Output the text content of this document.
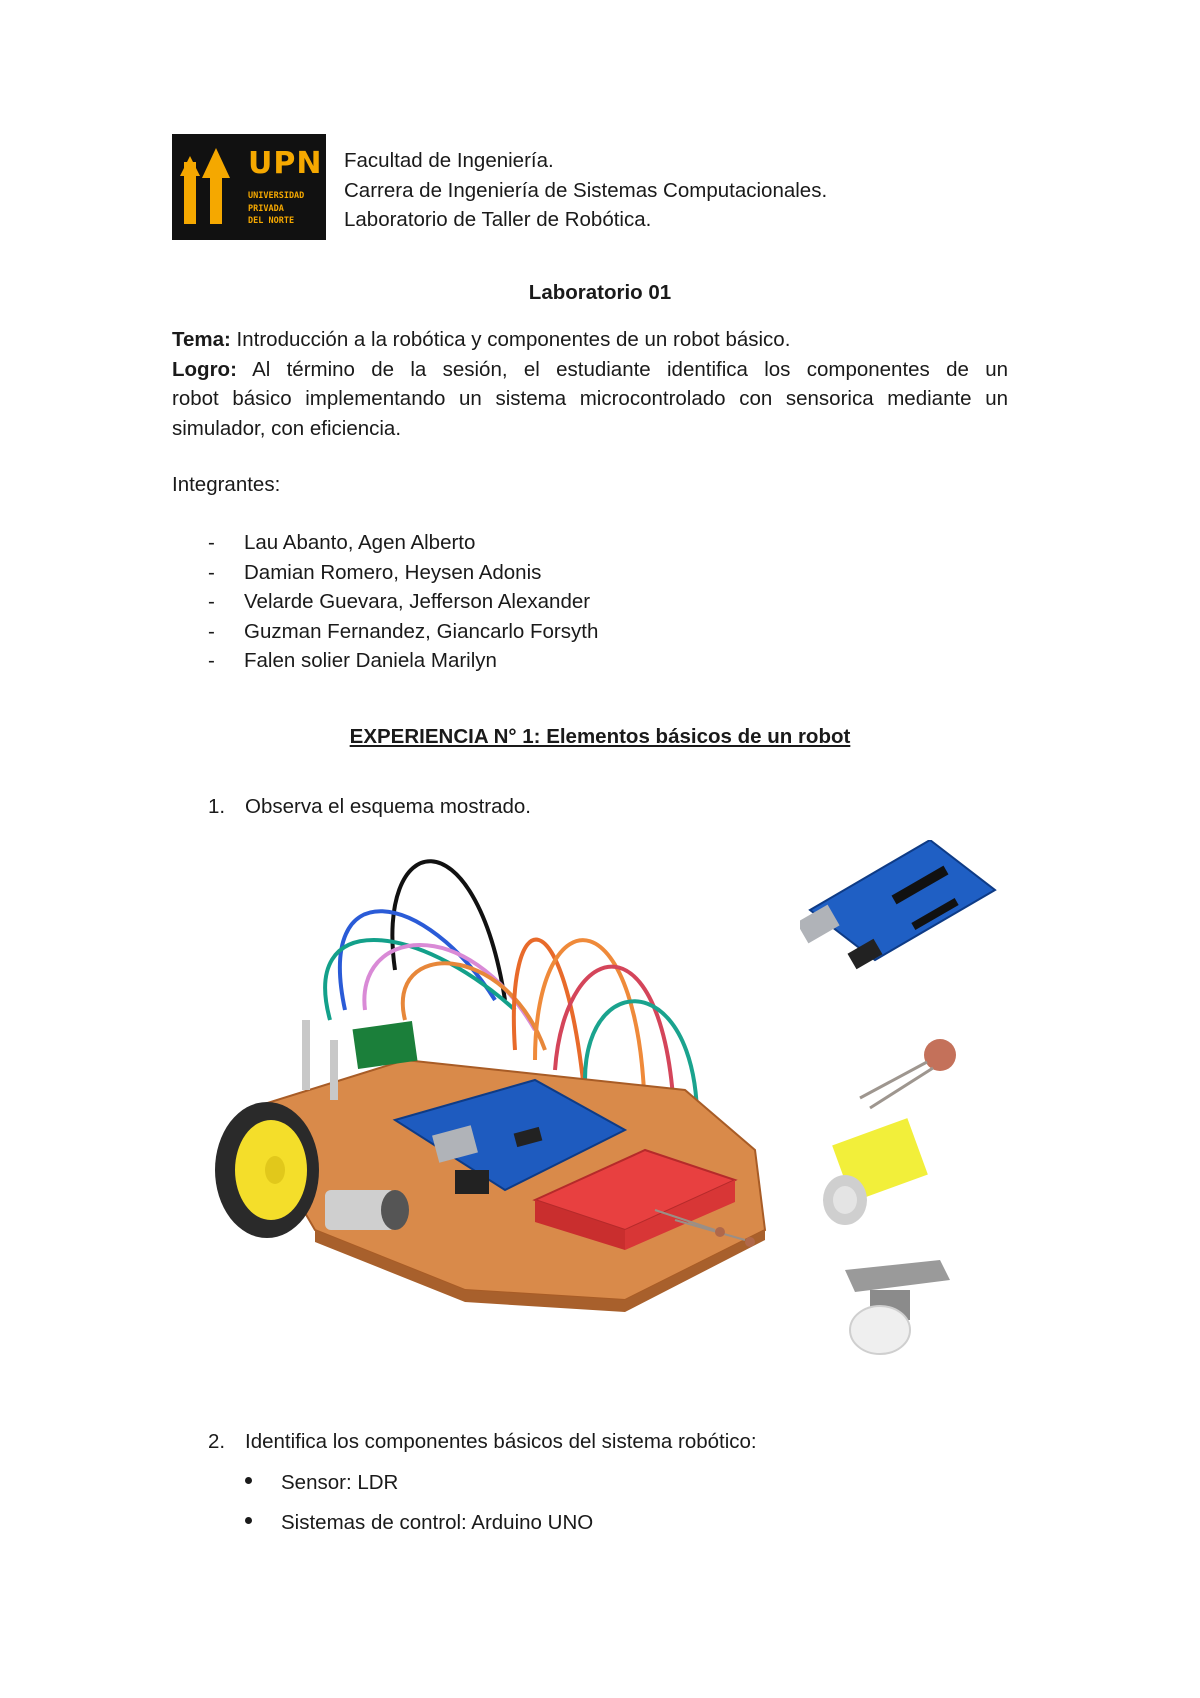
UPN
UNIVERSIDAD
PRIVADA
DEL NORTE
Facultad de Ingeniería.
Carrera de Ingeniería de Sistemas Computacionales.
Laboratorio de Taller de Robótica.
Laboratorio 01
Tema: Introducción a la robótica y componentes de un robot básico.
Logro: Al término de la sesión, el estudiante identifica los componentes de un
robot básico implementando un sistema microcontrolado con sensorica mediante un
simulador, con eficiencia.
Integrantes:
- Lau Abanto, Agen Alberto
- Damian Romero, Heysen Adonis
- Velarde Guevara, Jefferson Alexander
- Guzman Fernandez, Giancarlo Forsyth
- Falen solier Daniela Marilyn
EXPERIENCIA N° 1: Elementos básicos de un robot
1. Observa el esquema mostrado.
2. Identifica los componentes básicos del sistema robótico:
Sensor: LDR
Sistemas de control: Arduino UNO
